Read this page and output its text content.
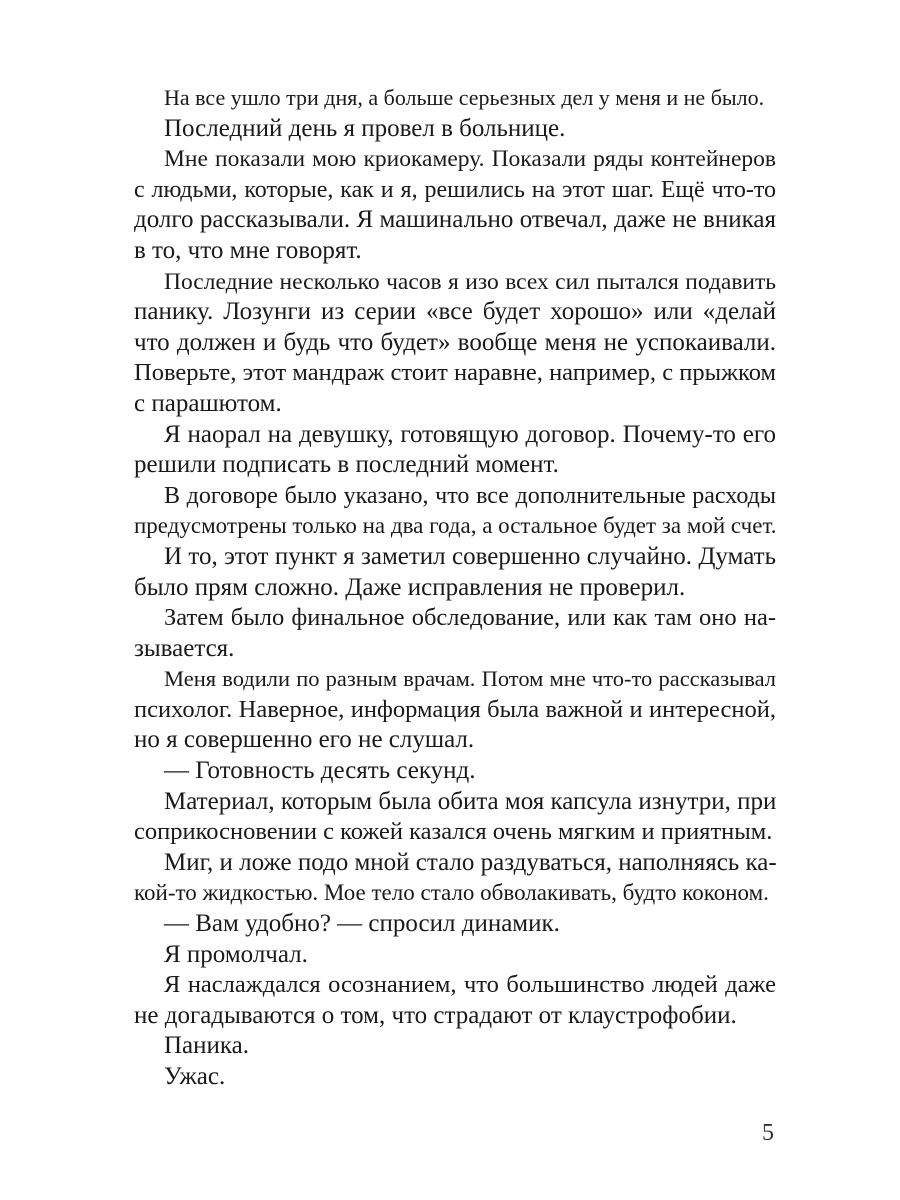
На все ушло три дня, а больше серьезных дел у меня и не было.
Последний день я провел в больнице.
Мне показали мою криокамеру. Показали ряды контейнеров
с людьми, которые, как и я, решились на этот шаг. Ещё что-то
долго рассказывали. Я машинально отвечал, даже не вникая
в то, что мне говорят.
Последние несколько часов я изо всех сил пытался подавить
панику. Лозунги из серии «все будет хорошо» или «делай
что должен и будь что будет» вообще меня не успокаивали.
Поверьте, этот мандраж стоит наравне, например, с прыжком
с парашютом.
Я наорал на девушку, готовящую договор. Почему-то его
решили подписать в последний момент.
В договоре было указано, что все дополнительные расходы
предусмотрены только на два года, а остальное будет за мой счет.
И то, этот пункт я заметил совершенно случайно. Думать
было прям сложно. Даже исправления не проверил.
Затем было финальное обследование, или как там оно на-
зывается.
Меня водили по разным врачам. Потом мне что-то рассказывал
психолог. Наверное, информация была важной и интересной,
но я совершенно его не слушал.
— Готовность десять секунд.
Материал, которым была обита моя капсула изнутри, при
соприкосновении с кожей казался очень мягким и приятным.
Миг, и ложе подо мной стало раздуваться, наполняясь ка-
кой-то жидкостью. Мое тело стало обволакивать, будто коконом.
— Вам удобно? — спросил динамик.
Я промолчал.
Я наслаждался осознанием, что большинство людей даже
не догадываются о том, что страдают от клаустрофобии.
Паника.
Ужас.
5
